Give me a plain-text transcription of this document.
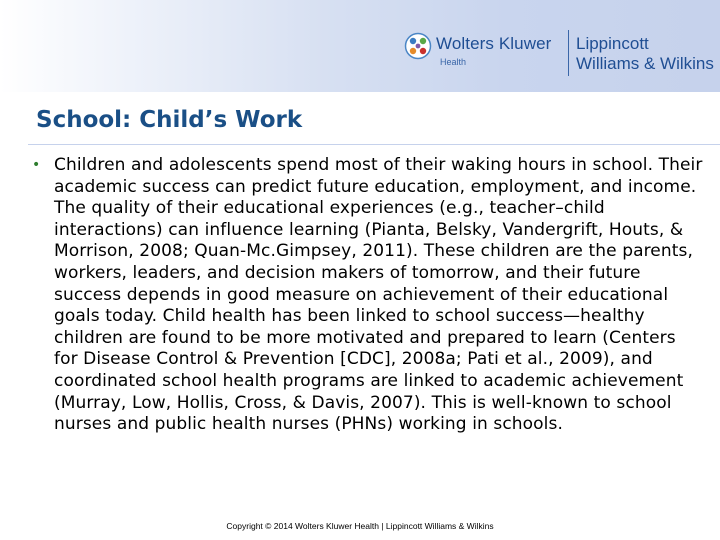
Wolters Kluwer
Health
Lippincott
Williams & Wilkins
School: Child’s Work
• Children and adolescents spend most of their waking hours in school. Their academic success can predict future education, employment, and income. The quality of their educational experiences (e.g., teacher–child interactions) can influence learning (Pianta, Belsky, Vandergrift, Houts, & Morrison, 2008; Quan-Mc.Gimpsey, 2011). These children are the parents, workers, leaders, and decision makers of tomorrow, and their future success depends in good measure on achievement of their educational goals today. Child health has been linked to school success—healthy children are found to be more motivated and prepared to learn (Centers for Disease Control & Prevention [CDC], 2008a; Pati et al., 2009), and coordinated school health programs are linked to academic achievement (Murray, Low, Hollis, Cross, & Davis, 2007). This is well-known to school nurses and public health nurses (PHNs) working in schools.

Copyright © 2014 Wolters Kluwer Health | Lippincott Williams & Wilkins
